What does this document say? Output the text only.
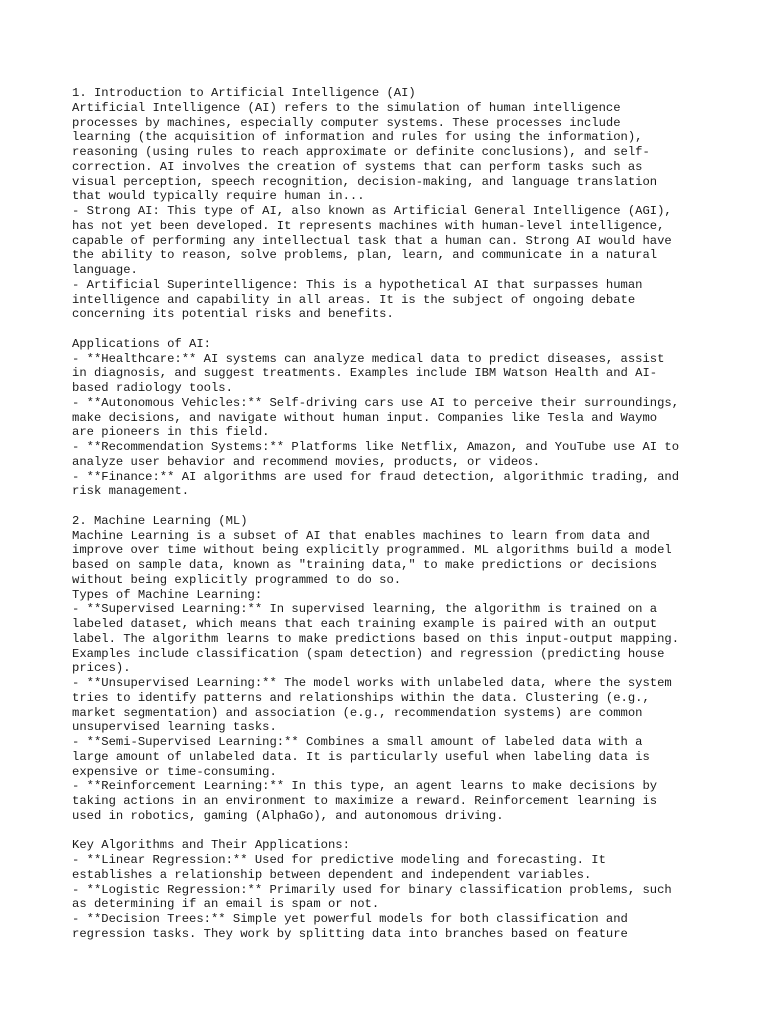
1. Introduction to Artificial Intelligence (AI)
Artificial Intelligence (AI) refers to the simulation of human intelligence
processes by machines, especially computer systems. These processes include
learning (the acquisition of information and rules for using the information),
reasoning (using rules to reach approximate or definite conclusions), and self-
correction. AI involves the creation of systems that can perform tasks such as
visual perception, speech recognition, decision-making, and language translation
that would typically require human in...
- Strong AI: This type of AI, also known as Artificial General Intelligence (AGI),
has not yet been developed. It represents machines with human-level intelligence,
capable of performing any intellectual task that a human can. Strong AI would have
the ability to reason, solve problems, plan, learn, and communicate in a natural
language.
- Artificial Superintelligence: This is a hypothetical AI that surpasses human
intelligence and capability in all areas. It is the subject of ongoing debate
concerning its potential risks and benefits.
Applications of AI:
- **Healthcare:** AI systems can analyze medical data to predict diseases, assist
in diagnosis, and suggest treatments. Examples include IBM Watson Health and AI-
based radiology tools.
- **Autonomous Vehicles:** Self-driving cars use AI to perceive their surroundings,
make decisions, and navigate without human input. Companies like Tesla and Waymo
are pioneers in this field.
- **Recommendation Systems:** Platforms like Netflix, Amazon, and YouTube use AI to
analyze user behavior and recommend movies, products, or videos.
- **Finance:** AI algorithms are used for fraud detection, algorithmic trading, and
risk management.
2. Machine Learning (ML)
Machine Learning is a subset of AI that enables machines to learn from data and
improve over time without being explicitly programmed. ML algorithms build a model
based on sample data, known as "training data," to make predictions or decisions
without being explicitly programmed to do so.
Types of Machine Learning:
- **Supervised Learning:** In supervised learning, the algorithm is trained on a
labeled dataset, which means that each training example is paired with an output
label. The algorithm learns to make predictions based on this input-output mapping.
Examples include classification (spam detection) and regression (predicting house
prices).
- **Unsupervised Learning:** The model works with unlabeled data, where the system
tries to identify patterns and relationships within the data. Clustering (e.g.,
market segmentation) and association (e.g., recommendation systems) are common
unsupervised learning tasks.
- **Semi-Supervised Learning:** Combines a small amount of labeled data with a
large amount of unlabeled data. It is particularly useful when labeling data is
expensive or time-consuming.
- **Reinforcement Learning:** In this type, an agent learns to make decisions by
taking actions in an environment to maximize a reward. Reinforcement learning is
used in robotics, gaming (AlphaGo), and autonomous driving.
Key Algorithms and Their Applications:
- **Linear Regression:** Used for predictive modeling and forecasting. It
establishes a relationship between dependent and independent variables.
- **Logistic Regression:** Primarily used for binary classification problems, such
as determining if an email is spam or not.
- **Decision Trees:** Simple yet powerful models for both classification and
regression tasks. They work by splitting data into branches based on feature
